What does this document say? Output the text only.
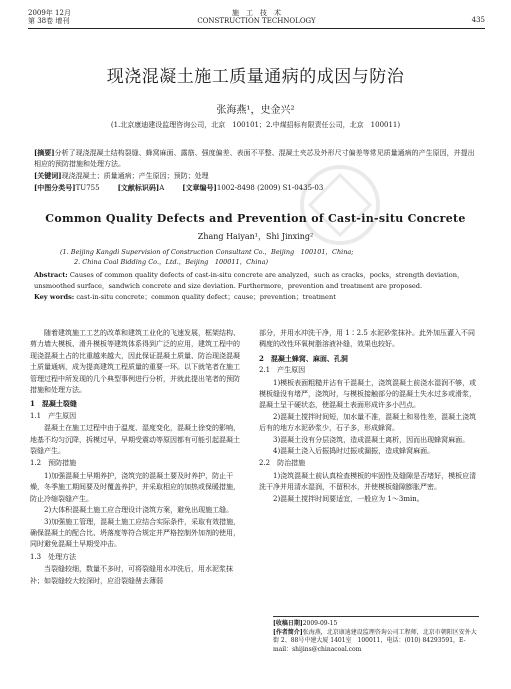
2009年 12月
第 38卷 增刊
施　工　技　术
CONSTRUCTION TECHNOLOGY	435
现浇混凝土施工质量通病的成因与防治
张海燕¹，史金兴²
(1.北京康迪建设监理咨询公司，北京　100101；2.中煤招标有限责任公司，北京　100011)
[摘要]分析了现浇混凝土结构裂缝、蜂窝麻面、露筋、强度偏差、表面不平整、混凝土夹芯及外形尺寸偏差等常见质量通病的产生原因，并提出相应的预防措施和处理方法。
[关键词]现浇混凝土；质量通病；产生原因；预防；处理
[中图分类号]TU755	[文献标识码]A	[文章编号]1002-8498 (2009) S1-0435-03
Common Quality Defects and Prevention of Cast-in-situ Concrete
Zhang Haiyan¹，Shi Jinxing²
(1. Beijing Kangdi Supervision of Construction Consultant Co.，Beijing　100101，China;
2. China Coal Bidding Co.，Ltd.，Beijing　100011，China)
Abstract: Causes of common quality defects of cast-in-situ concrete are analyzed，such as cracks，pocks，strength deviation，unsmoothed surface，sandwich concrete and size deviation. Furthermore，prevention and treatment are proposed.
Key words: cast-in-situ concrete；common quality defect；cause；prevention；treatment

随着建筑施工工艺的改革和建筑工业化的飞速发展，框架结构、剪力墙大模板、滑升模板等建筑体系得到广泛的应用，建筑工程中的现浇混凝土占的比重越来越大，因此保证混凝土质量、防治现浇混凝土质量通病，成为提高建筑工程质量的重要一环。以下就笔者在施工管理过程中所发现的几个典型事例进行分析，并就此提出笔者的预防措施和处理方法。

1　混凝土裂缝
1.1　产生原因

混凝土在施工过程中由于温度、湿度变化，混凝土徐变的影响，地基不均匀沉降，拆模过早，早期受震动等原因都有可能引起混凝土裂缝产生。

1.2　预防措施

1)加强混凝土早期养护，浇筑完的混凝土要及时养护，防止干燥，冬季施工期间要及时覆盖养护，并采取相应的加热或保暖措施，防止冷缩裂缝产生。

2)大体积混凝土施工应合理设计浇筑方案，避免出现施工缝。

3)加强施工管理，混凝土施工应结合实际条件，采取有效措施，确保混凝土的配合比、坍落度等符合规定并严格控制外加剂的使用，同时避免混凝土早期受冲击。

1.3　处理方法

当裂缝较细，数量不多时，可将裂缝用水冲洗后，用水泥浆抹补；如裂缝较大较深时，应沿裂缝凿去薄弱

部分，并用水冲洗干净，用 1∶2.5 水泥砂浆抹补。此外加压灌入不同稠度的改性环氧树脂溶液补缝，效果也较好。

2　混凝土蜂窝、麻面、孔洞
2.1　产生原因

1)模板表面粗糙并沾有干混凝土，浇筑混凝土前浇水湿润不够，或模板缝没有堵严，浇筑时，与模板接触部分的混凝土失水过多或滑浆，混凝土呈干硬状态，使混凝土表面形成许多小凹点。

2)混凝土搅拌时间短，加水量不准，混凝土和易性差，混凝土浇筑后有的地方水泥砂浆少，石子多，形成蜂窝。

3)混凝土没有分层浇筑，造成混凝土离析，因而出现蜂窝麻面。

4)混凝土浇入后振捣时过振或漏振，造成蜂窝麻面。

2.2　防治措施

1)浇筑混凝土前认真检查模板的牢固性及缝隙是否堵好，模板应清洗干净并用清水湿润，不留积水，并使模板缝隙膨胀严密。

2)混凝土搅拌时间要适宜，一般应为 1～3min。

[收稿日期]2009-09-15
[作者简介]张海燕，北京康迪建设监理咨询公司工程师，北京市朝阳区安外大街 2、88号中建大厦 1401室　100011，电话：(010) 84293591，E-mail：shijins@chinacoal.com
